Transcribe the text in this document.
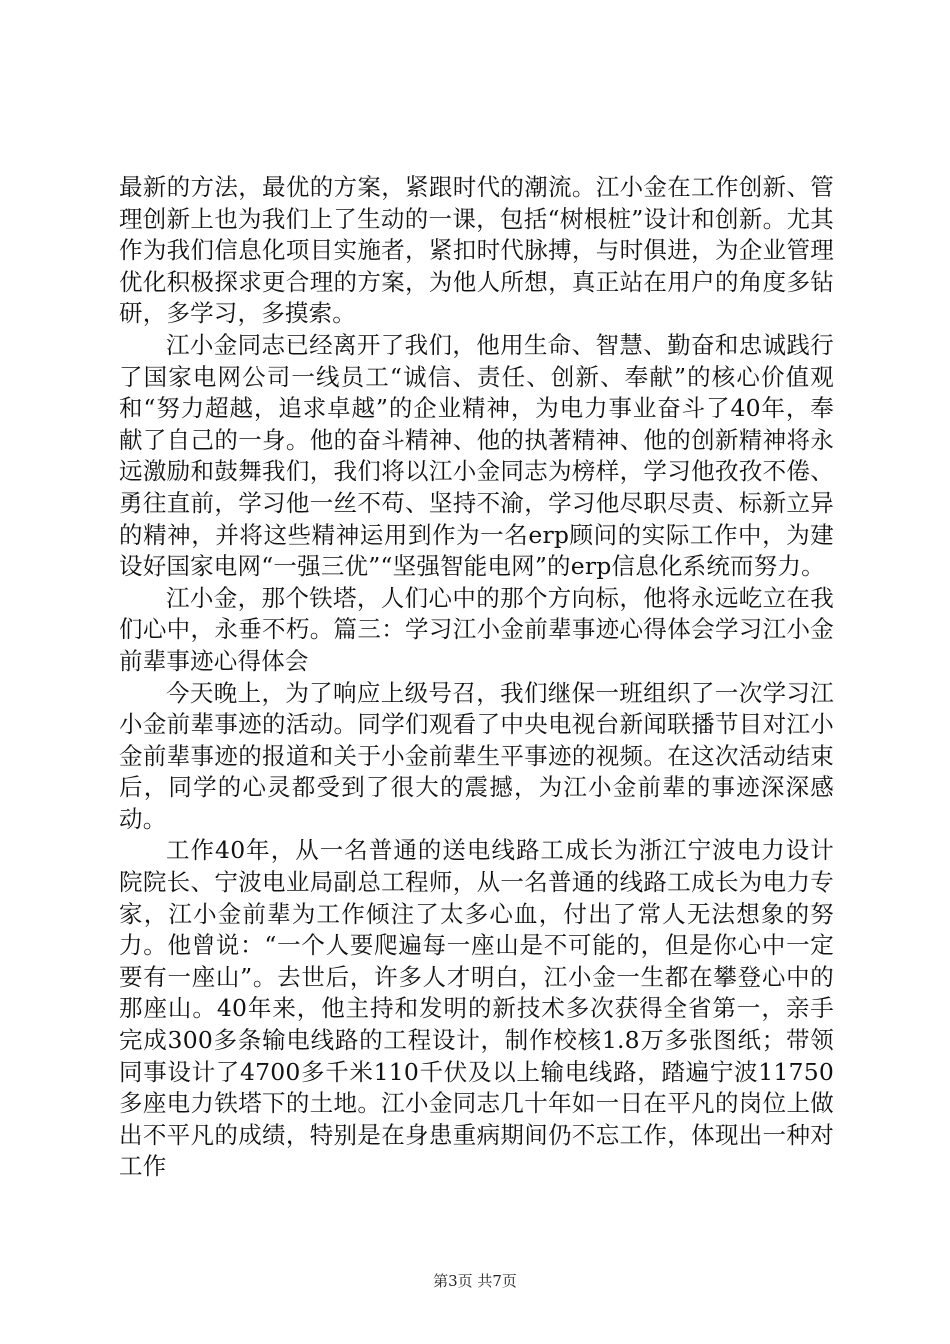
最新的方法，最优的方案，紧跟时代的潮流。江小金在工作创新、管理创新上也为我们上了生动的一课，包括“树根桩”设计和创新。尤其作为我们信息化项目实施者，紧扣时代脉搏，与时俱进，为企业管理优化积极探求更合理的方案，为他人所想，真正站在用户的角度多钻研，多学习，多摸索。

江小金同志已经离开了我们，他用生命、智慧、勤奋和忠诚践行了国家电网公司一线员工“诚信、责任、创新、奉献”的核心价值观和“努力超越，追求卓越”的企业精神，为电力事业奋斗了40年，奉献了自己的一身。他的奋斗精神、他的执著精神、他的创新精神将永远激励和鼓舞我们，我们将以江小金同志为榜样，学习他孜孜不倦、勇往直前，学习他一丝不苟、坚持不渝，学习他尽职尽责、标新立异的精神，并将这些精神运用到作为一名erp顾问的实际工作中，为建设好国家电网“一强三优”“坚强智能电网”的erp信息化系统而努力。

江小金，那个铁塔，人们心中的那个方向标，他将永远屹立在我们心中，永垂不朽。篇三：学习江小金前辈事迹心得体会学习江小金前辈事迹心得体会

今天晚上，为了响应上级号召，我们继保一班组织了一次学习江小金前辈事迹的活动。同学们观看了中央电视台新闻联播节目对江小金前辈事迹的报道和关于小金前辈生平事迹的视频。在这次活动结束后，同学的心灵都受到了很大的震撼，为江小金前辈的事迹深深感动。

工作40年，从一名普通的送电线路工成长为浙江宁波电力设计院院长、宁波电业局副总工程师，从一名普通的线路工成长为电力专家，江小金前辈为工作倾注了太多心血，付出了常人无法想象的努力。他曾说：“一个人要爬遍每一座山是不可能的，但是你心中一定要有一座山”。去世后，许多人才明白，江小金一生都在攀登心中的那座山。40年来，他主持和发明的新技术多次获得全省第一，亲手完成300多条输电线路的工程设计，制作校核1.8万多张图纸；带领同事设计了4700多千米110千伏及以上输电线路，踏遍宁波11750多座电力铁塔下的土地。江小金同志几十年如一日在平凡的岗位上做出不平凡的成绩，特别是在身患重病期间仍不忘工作，体现出一种对工作

第3页 共7页
